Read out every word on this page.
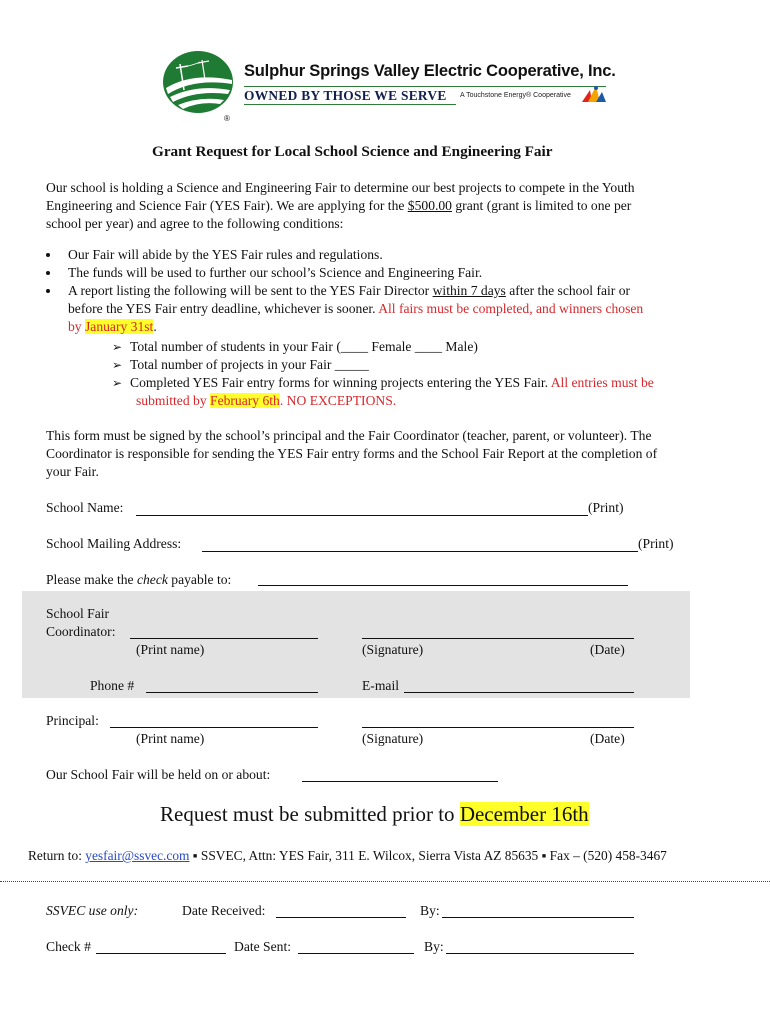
®
Sulphur Springs Valley Electric Cooperative, Inc.
OWNED BY THOSE WE SERVE A Touchstone Energy® Cooperative
Grant Request for Local School Science and Engineering Fair
Our school is holding a Science and Engineering Fair to determine our best projects to compete in the Youth
Engineering and Science Fair (YES Fair). We are applying for the $500.00 grant (grant is limited to one per
school per year) and agree to the following conditions:
Our Fair will abide by the YES Fair rules and regulations.
The funds will be used to further our school’s Science and Engineering Fair.
A report listing the following will be sent to the YES Fair Director within 7 days after the school fair or
before the YES Fair entry deadline, whichever is sooner. All fairs must be completed, and winners chosen
by January 31st.
➢ Total number of students in your Fair (____ Female ____ Male)
➢ Total number of projects in your Fair _____
➢ Completed YES Fair entry forms for winning projects entering the YES Fair. All entries must be
submitted by February 6th. NO EXCEPTIONS.
This form must be signed by the school’s principal and the Fair Coordinator (teacher, parent, or volunteer). The
Coordinator is responsible for sending the YES Fair entry forms and the School Fair Report at the completion of
your Fair.
School Name:	(Print)
School Mailing Address:	(Print)
Please make the check payable to:
School Fair
Coordinator:
(Print name)	(Signature)	(Date)
Phone #	E-mail
Principal:
(Print name)	(Signature)	(Date)
Our School Fair will be held on or about:
Request must be submitted prior to December 16th
Return to: yesfair@ssvec.com ▪ SSVEC, Attn: YES Fair, 311 E. Wilcox, Sierra Vista AZ 85635 ▪ Fax – (520) 458-3467
SSVEC use only:	Date Received:	By:
Check #	Date Sent:	By:
